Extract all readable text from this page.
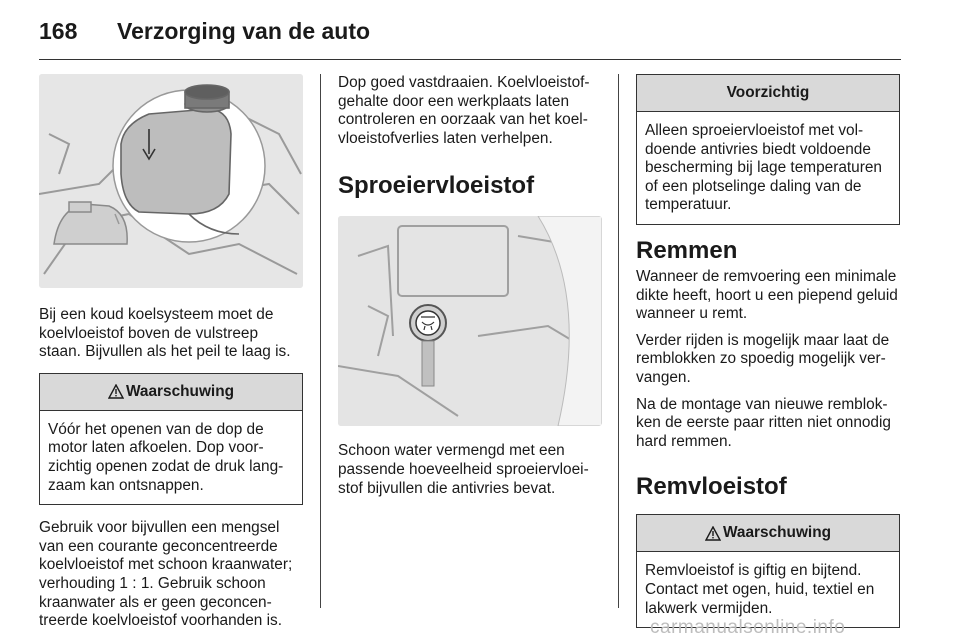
168 Verzorging van de auto

Bij een koud koelsysteem moet de koelvloeistof boven de vulstreep staan. Bijvullen als het peil te laag is.

Waarschuwing

Vóór het openen van de dop de motor laten afkoelen. Dop voorzichtig openen zodat de druk langzaam kan ontsnappen.

Gebruik voor bijvullen een mengsel van een courante geconcentreerde koelvloeistof met schoon kraanwater; verhouding 1 : 1. Gebruik schoon kraanwater als er geen geconcentreerde koelvloeistof voorhanden is.

Dop goed vastdraaien. Koelvloeistofgehalte door een werkplaats laten controleren en oorzaak van het koelvloeistofverlies laten verhelpen.

Sproeiervloeistof

Schoon water vermengd met een passende hoeveelheid sproeiervloeistof bijvullen die antivries bevat.

Voorzichtig

Alleen sproeiervloeistof met voldoende antivries biedt voldoende bescherming bij lage temperaturen of een plotselinge daling van de temperatuur.

Remmen

Wanneer de remvoering een minimale dikte heeft, hoort u een piepend geluid wanneer u remt.

Verder rijden is mogelijk maar laat de remblokken zo spoedig mogelijk vervangen.

Na de montage van nieuwe remblokken de eerste paar ritten niet onnodig hard remmen.

Remvloeistof
Waarschuwing

Remvloeistof is giftig en bijtend. Contact met ogen, huid, textiel en lakwerk vermijden.

carmanualsonline.info
